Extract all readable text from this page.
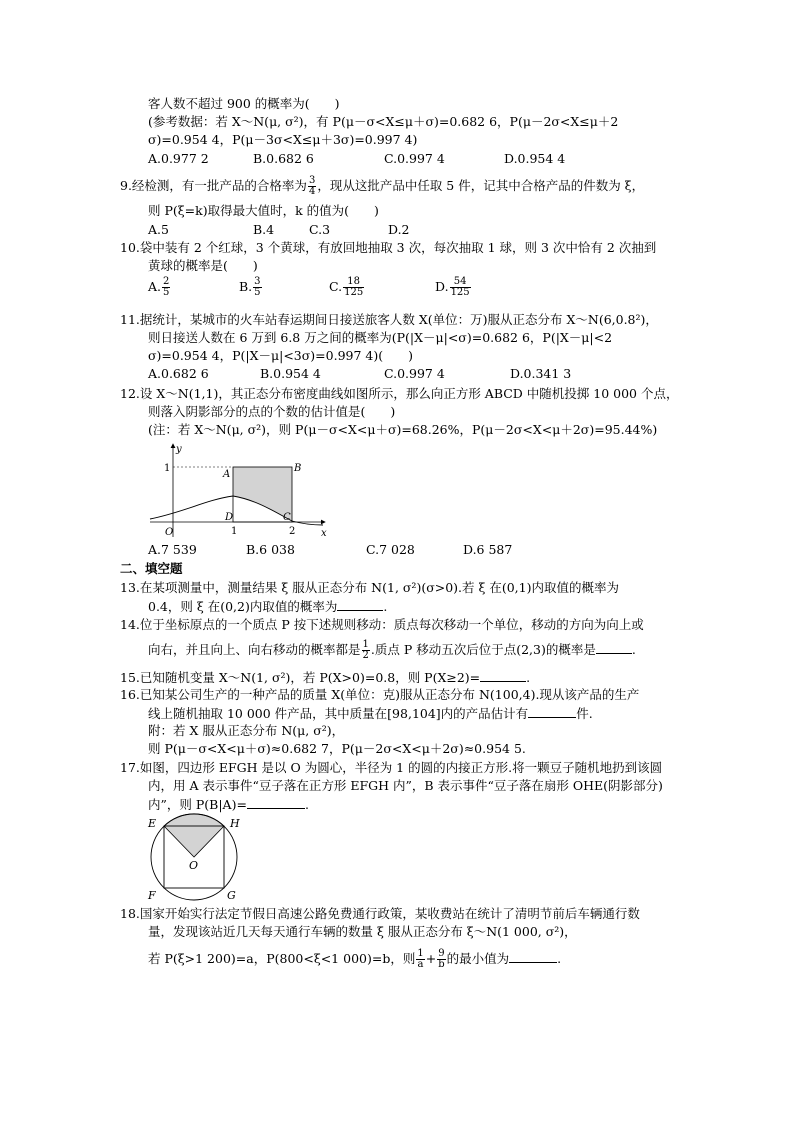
客人数不超过 900 的概率为(　　)
(参考数据：若 X～N(μ, σ²)，有 P(μ－σ<X≤μ＋σ)=0.682 6，P(μ－2σ<X≤μ＋2
σ)=0.954 4，P(μ－3σ<X≤μ＋3σ)=0.997 4)
A.0.977 2	B.0.682 6	C.0.997 4	D.0.954 4
9.经检测，有一批产品的合格率为 $\frac{3}{4}$ ，现从这批产品中任取 5 件，记其中合格产品的件数为 ξ，
则 P(ξ=k)取得最大值时，k 的值为(　　)
A.5	B.4	C.3	D.2
10.袋中装有 2 个红球，3 个黄球，有放回地抽取 3 次，每次抽取 1 球，则 3 次中恰有 2 次抽到
黄球的概率是(　　)
A. $\frac{2}{5}$	B. $\frac{3}{5}$	C. $\frac{18}{125}$	D. $\frac{54}{125}$
11.据统计，某城市的火车站春运期间日接送旅客人数 X(单位：万)服从正态分布 X～N(6,0.8²)，
则日接送人数在 6 万到 6.8 万之间的概率为(P(|X－μ|<σ)=0.682 6，P(|X－μ|<2
σ)=0.954 4，P(|X－μ|<3σ)=0.997 4)(　　)
A.0.682 6	B.0.954 4	C.0.997 4	D.0.341 3
12.设 X～N(1,1)，其正态分布密度曲线如图所示，那么向正方形 ABCD 中随机投掷 10 000 个点，
则落入阴影部分的点的个数的估计值是(　　)
(注：若 X～N(μ, σ²)，则 P(μ－σ<X<μ＋σ)=68.26%，P(μ－2σ<X<μ＋2σ)=95.44%)
y
1
A
B
O
D
1
C
2	x
A.7 539	B.6 038	C.7 028	D.6 587
二、填空题
13.在某项测量中，测量结果 ξ 服从正态分布 N(1, σ²)(σ>0).若 ξ 在(0,1)内取值的概率为
0.4，则 ξ 在(0,2)内取值的概率为	.
14.位于坐标原点的一个质点 P 按下述规则移动：质点每次移动一个单位，移动的方向为向上或
向右，并且向上、向右移动的概率都是 $\frac{1}{2}$ .质点 P 移动五次后位于点(2,3)的概率是	.
15.已知随机变量 X～N(1, σ²)，若 P(X>0)=0.8，则 P(X≥2)=	.
16.已知某公司生产的一种产品的质量 X(单位：克)服从正态分布 N(100,4).现从该产品的生产
线上随机抽取 10 000 件产品，其中质量在[98,104]内的产品估计有	件.
附：若 X 服从正态分布 N(μ, σ²)，
则 P(μ－σ<X<μ＋σ)≈0.682 7，P(μ－2σ<X<μ＋2σ)≈0.954 5.
17.如图，四边形 EFGH 是以 O 为圆心，半径为 1 的圆的内接正方形.将一颗豆子随机地扔到该圆
内，用 A 表示事件“豆子落在正方形 EFGH 内”，B 表示事件“豆子落在扇形 OHE(阴影部分)
内”，则 P(B|A)=	.
E	H
O
F	G
18.国家开始实行法定节假日高速公路免费通行政策，某收费站在统计了清明节前后车辆通行数
量，发现该站近几天每天通行车辆的数量 ξ 服从正态分布 ξ～N(1 000, σ²)，
若 P(ξ>1 200)=a，P(800<ξ<1 000)=b，则 $\frac{1}{a} + \frac{9}{b}$ 的最小值为	.
